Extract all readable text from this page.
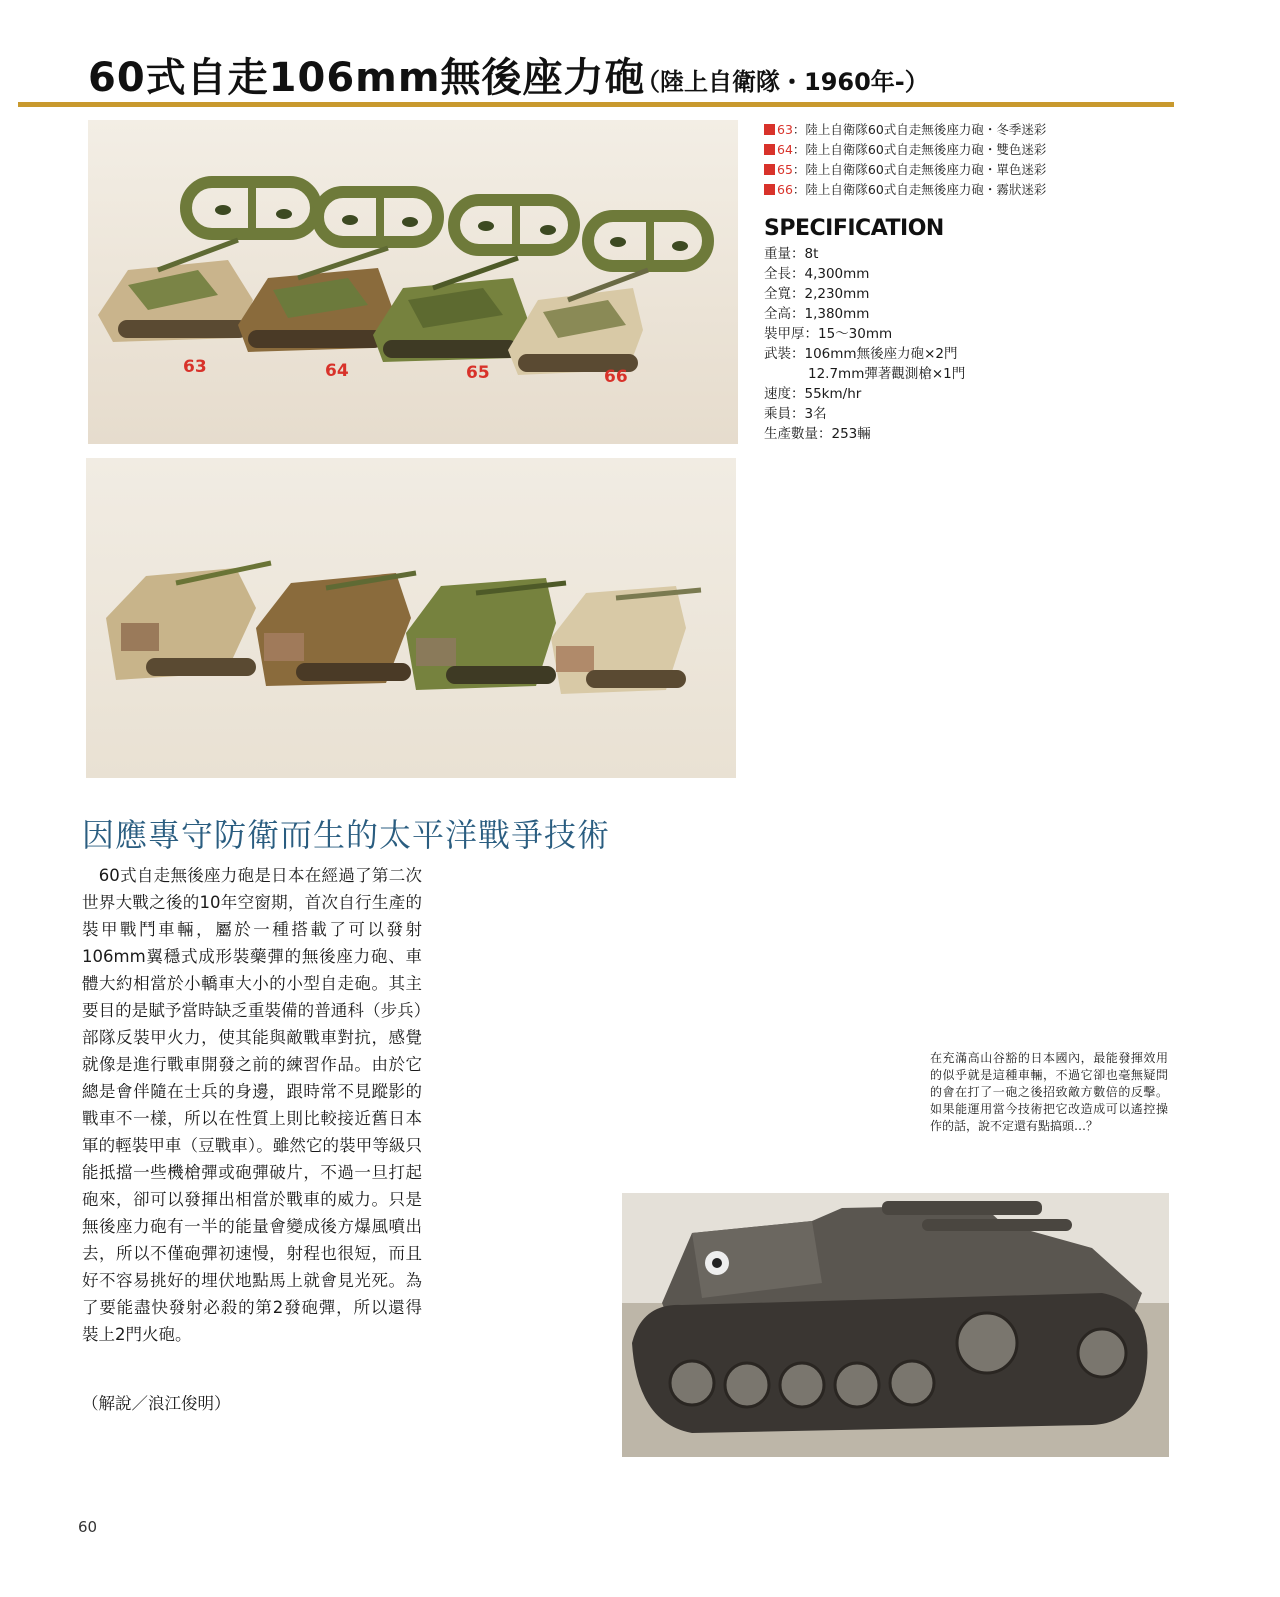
60式自走106mm無後座力砲
（陸上自衛隊・1960年-）
63	64	65	66
63：陸上自衛隊60式自走無後座力砲・冬季迷彩
64：陸上自衛隊60式自走無後座力砲・雙色迷彩
65：陸上自衛隊60式自走無後座力砲・單色迷彩
66：陸上自衛隊60式自走無後座力砲・霧狀迷彩
SPECIFICATION
重量：8t
全長：4,300mm
全寬：2,230mm
全高：1,380mm
裝甲厚：15〜30mm
武裝：106mm無後座力砲×2門
12.7mm彈著觀測槍×1門
速度：55km/hr
乘員：3名
生產數量：253輛
因應專守防衛而生的太平洋戰爭技術
　60式自走無後座力砲是日本在經過了第二次世界大戰之後的10年空窗期，首次自行生產的裝甲戰鬥車輛，屬於一種搭載了可以發射106mm翼穩式成形裝藥彈的無後座力砲、車體大約相當於小轎車大小的小型自走砲。其主要目的是賦予當時缺乏重裝備的普通科（步兵）部隊反裝甲火力，使其能與敵戰車對抗，感覺就像是進行戰車開發之前的練習作品。由於它總是會伴隨在士兵的身邊，跟時常不見蹤影的戰車不一樣，所以在性質上則比較接近舊日本軍的輕裝甲車（豆戰車）。雖然它的裝甲等級只能抵擋一些機槍彈或砲彈破片，不過一旦打起砲來，卻可以發揮出相當於戰車的威力。只是無後座力砲有一半的能量會變成後方爆風噴出去，所以不僅砲彈初速慢，射程也很短，而且好不容易挑好的埋伏地點馬上就會見光死。為了要能盡快發射必殺的第2發砲彈，所以還得裝上2門火砲。
（解說／浪江俊明）
在充滿高山谷豁的日本國內，最能發揮效用的似乎就是這種車輛，不過它卻也毫無疑問的會在打了一砲之後招致敵方數倍的反擊。如果能運用當今技術把它改造成可以遙控操作的話，說不定還有點搞頭…？
60
